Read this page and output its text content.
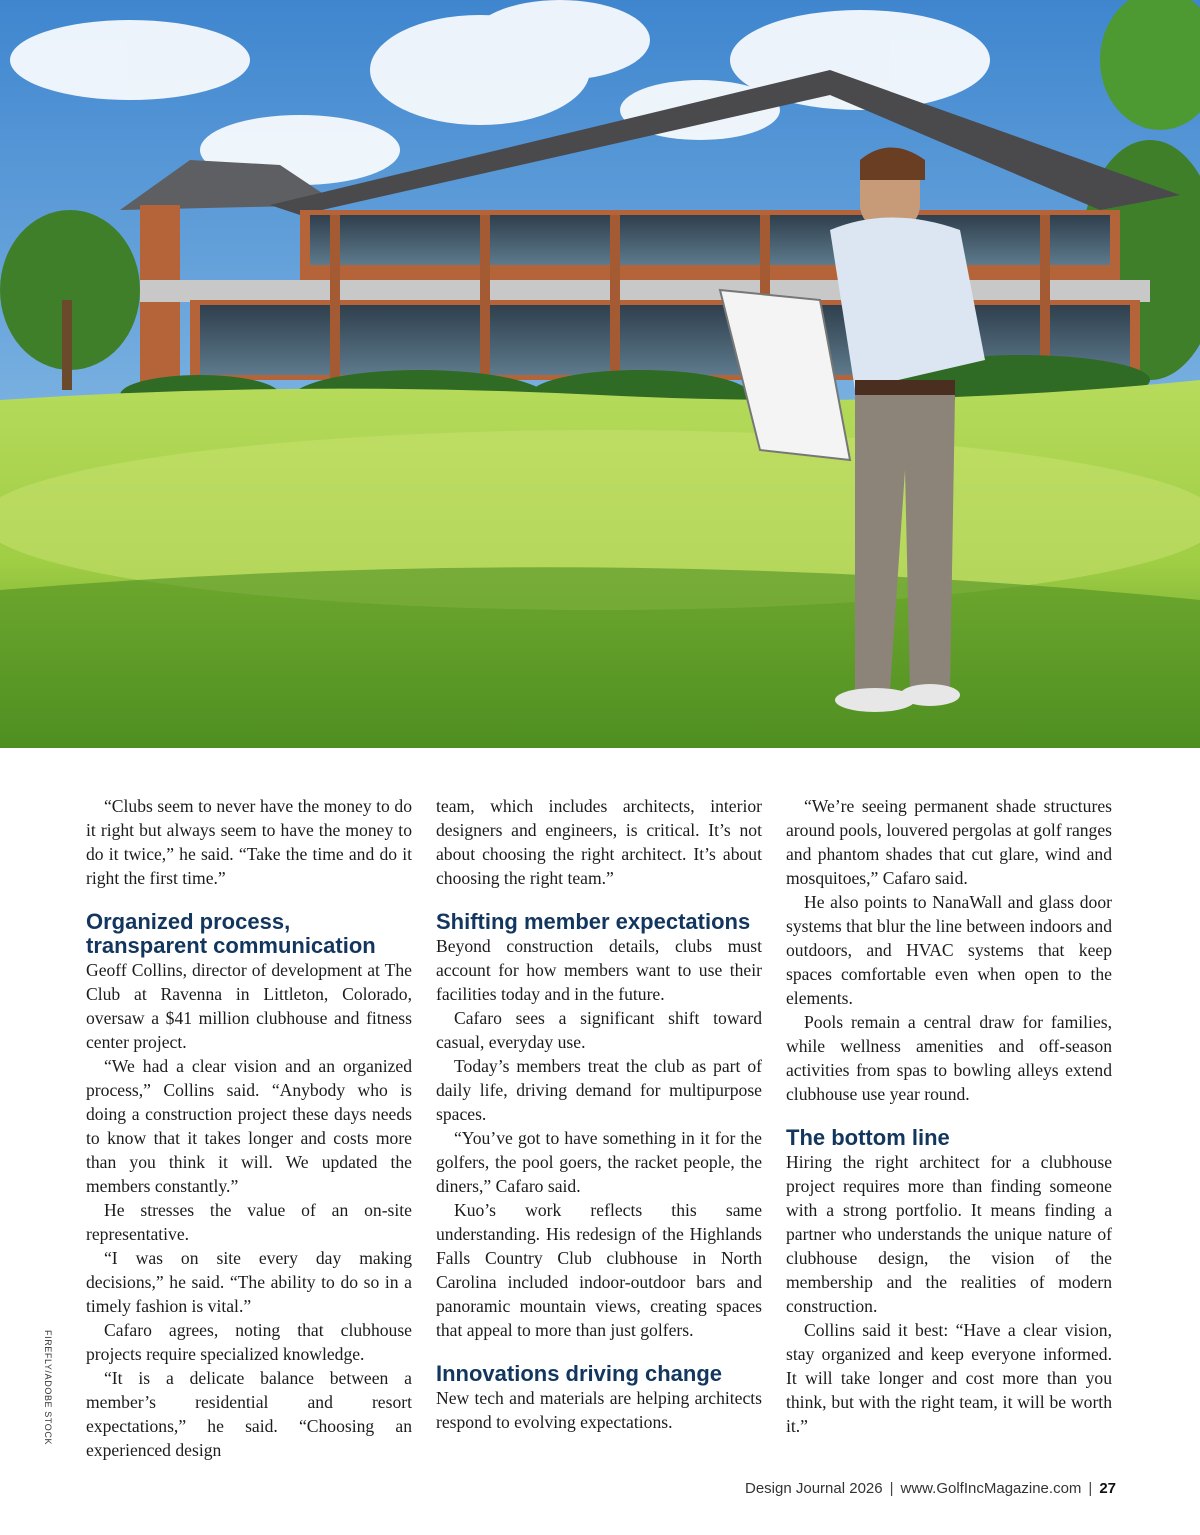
“Clubs seem to never have the money to do it right but always seem to have the money to do it twice,” he said. “Take the time and do it right the first time.”

Organized process, transparent communication

Geoff Collins, director of development at The Club at Ravenna in Littleton, Colorado, oversaw a $41 million clubhouse and fitness center project.

“We had a clear vision and an organized process,” Collins said. “Anybody who is doing a construction project these days needs to know that it takes longer and costs more than you think it will. We updated the members constantly.”

He stresses the value of an on-site representative.

“I was on site every day making decisions,” he said. “The ability to do so in a timely fashion is vital.”

Cafaro agrees, noting that clubhouse projects require specialized knowledge.

“It is a delicate balance between a member’s residential and resort expectations,” he said. “Choosing an experienced design

team, which includes architects, interior designers and engineers, is critical. It’s not about choosing the right architect. It’s about choosing the right team.”

Shifting member expectations

Beyond construction details, clubs must account for how members want to use their facilities today and in the future.

Cafaro sees a significant shift toward casual, everyday use.

Today’s members treat the club as part of daily life, driving demand for multipurpose spaces.

“You’ve got to have something in it for the golfers, the pool goers, the racket people, the diners,” Cafaro said.

Kuo’s work reflects this same understanding. His redesign of the Highlands Falls Country Club clubhouse in North Carolina included indoor-outdoor bars and panoramic mountain views, creating spaces that appeal to more than just golfers.

Innovations driving change

New tech and materials are helping architects respond to evolving expectations.

“We’re seeing permanent shade structures around pools, louvered pergolas at golf ranges and phantom shades that cut glare, wind and mosquitoes,” Cafaro said.

He also points to NanaWall and glass door systems that blur the line between indoors and outdoors, and HVAC systems that keep spaces comfortable even when open to the elements.

Pools remain a central draw for families, while wellness amenities and off-season activities from spas to bowling alleys extend clubhouse use year round.

The bottom line

Hiring the right architect for a clubhouse project requires more than finding someone with a strong portfolio. It means finding a partner who understands the unique nature of clubhouse design, the vision of the membership and the realities of modern construction.

Collins said it best: “Have a clear vision, stay organized and keep everyone informed. It will take longer and cost more than you think, but with the right team, it will be worth it.”

FIREFLY/ADOBE STOCK
Design Journal 2026 | www.GolfIncMagazine.com | 27
